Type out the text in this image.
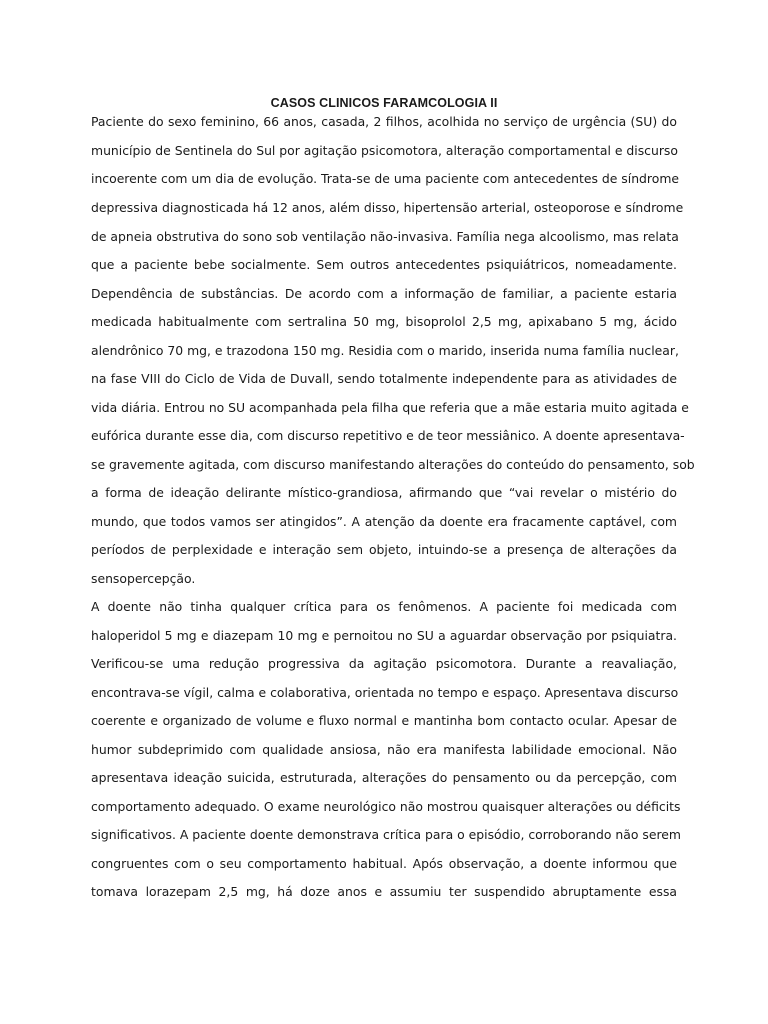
CASOS CLINICOS FARAMCOLOGIA II

Paciente do sexo feminino, 66 anos, casada, 2 filhos, acolhida no serviço de urgência (SU) do

município de Sentinela do Sul por agitação psicomotora, alteração comportamental e discurso

incoerente com um dia de evolução. Trata-se de uma paciente com antecedentes de síndrome

depressiva diagnosticada há 12 anos, além disso, hipertensão arterial, osteoporose e síndrome

de apneia obstrutiva do sono sob ventilação não-invasiva. Família nega alcoolismo, mas relata

que a paciente bebe socialmente. Sem outros antecedentes psiquiátricos, nomeadamente.

Dependência de substâncias. De acordo com a informação de familiar, a paciente estaria

medicada habitualmente com sertralina 50 mg, bisoprolol 2,5 mg, apixabano 5 mg, ácido

alendrônico 70 mg, e trazodona 150 mg. Residia com o marido, inserida numa família nuclear,

na fase VIII do Ciclo de Vida de Duvall, sendo totalmente independente para as atividades de

vida diária. Entrou no SU acompanhada pela filha que referia que a mãe estaria muito agitada e

eufórica durante esse dia, com discurso repetitivo e de teor messiânico. A doente apresentava-

se gravemente agitada, com discurso manifestando alterações do conteúdo do pensamento, sob

a forma de ideação delirante místico-grandiosa, afirmando que “vai revelar o mistério do

mundo, que todos vamos ser atingidos”. A atenção da doente era fracamente captável, com

períodos de perplexidade e interação sem objeto, intuindo-se a presença de alterações da

sensopercepção.

A doente não tinha qualquer crítica para os fenômenos. A paciente foi medicada com

haloperidol 5 mg e diazepam 10 mg e pernoitou no SU a aguardar observação por psiquiatra.

Verificou-se uma redução progressiva da agitação psicomotora. Durante a reavaliação,

encontrava-se vígil, calma e colaborativa, orientada no tempo e espaço. Apresentava discurso

coerente e organizado de volume e fluxo normal e mantinha bom contacto ocular. Apesar de

humor subdeprimido com qualidade ansiosa, não era manifesta labilidade emocional. Não

apresentava ideação suicida, estruturada, alterações do pensamento ou da percepção, com

comportamento adequado. O exame neurológico não mostrou quaisquer alterações ou déficits

significativos. A paciente doente demonstrava crítica para o episódio, corroborando não serem

congruentes com o seu comportamento habitual. Após observação, a doente informou que

tomava lorazepam 2,5 mg, há doze anos e assumiu ter suspendido abruptamente essa
